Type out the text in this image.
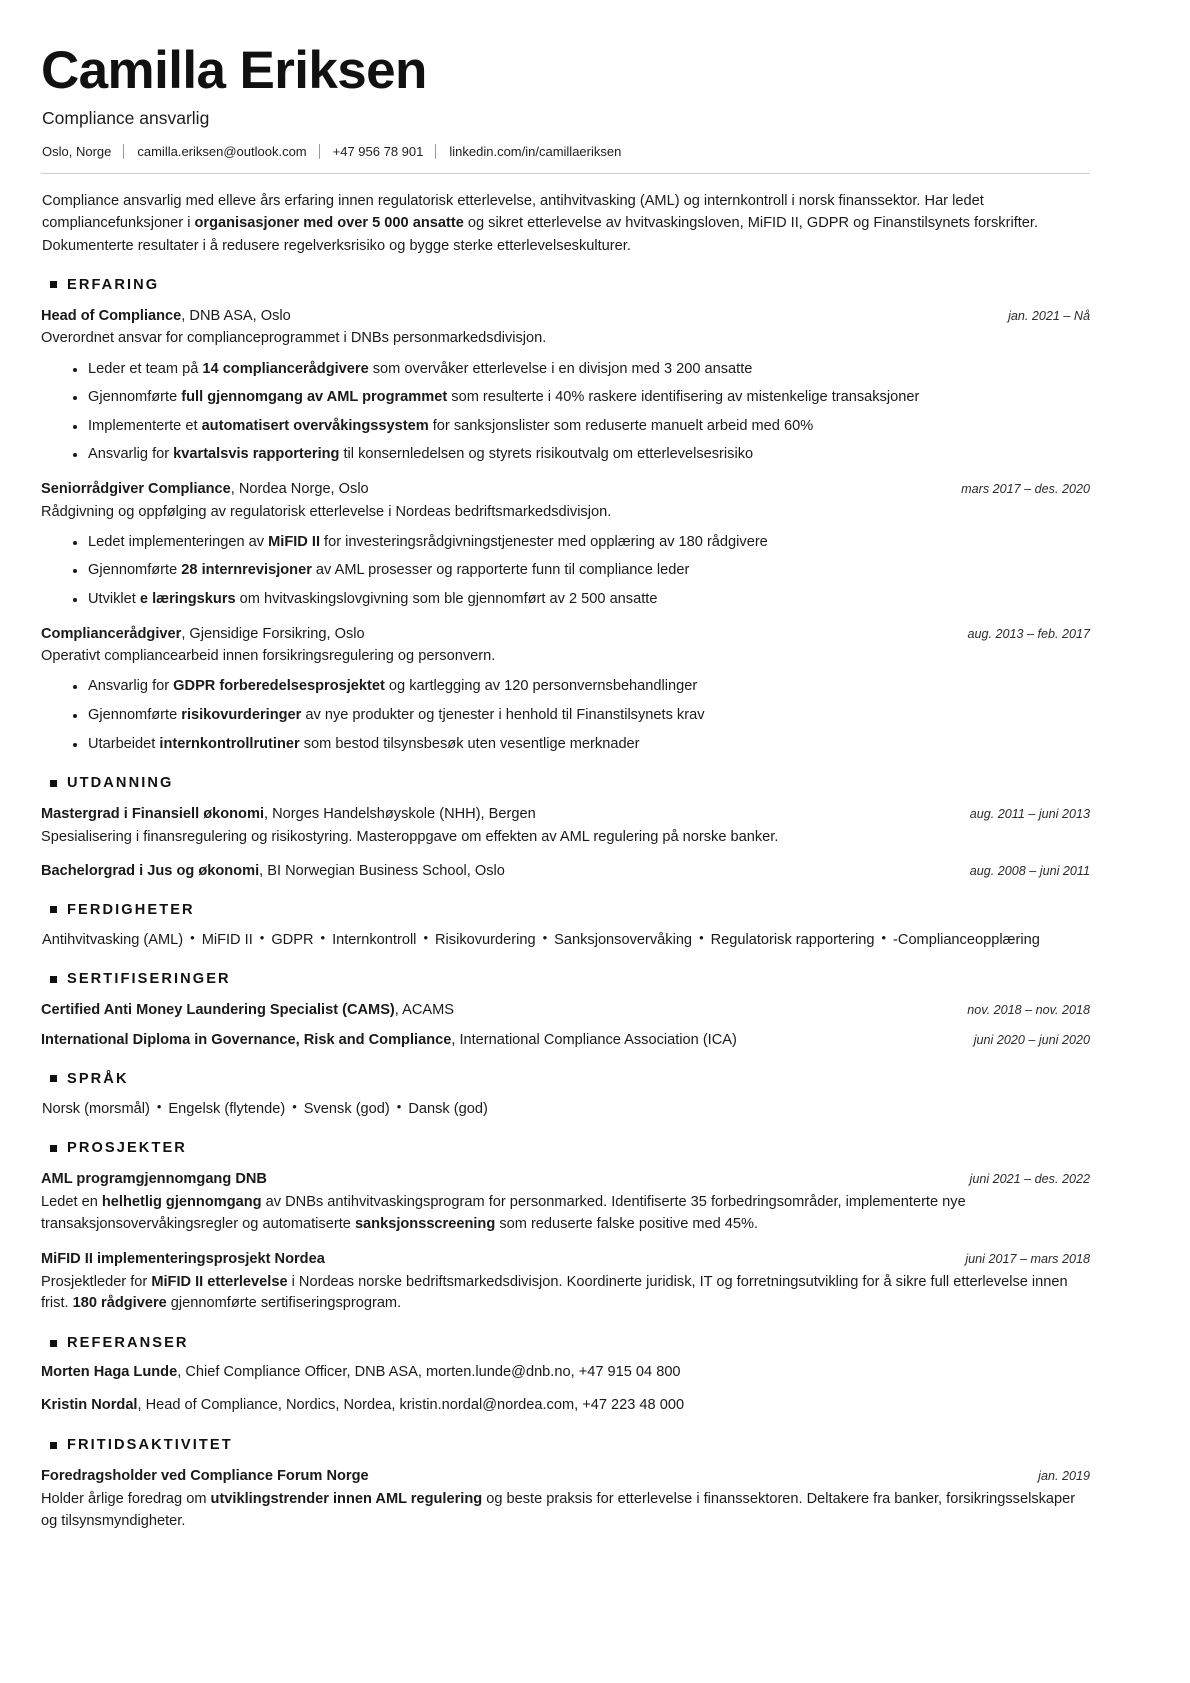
Camilla Eriksen
Compliance ansvarlig
Oslo, Norge camilla.eriksen@outlook.com +47 956 78 901 linkedin.com/in/camillaeriksen

Compliance ansvarlig med elleve års erfaring innen regulatorisk etterlevelse, antihvitvasking (AML) og internkontroll i norsk finanssektor. Har ledet compliancefunksjoner i organisasjoner med over 5 000 ansatte og sikret etterlevelse av hvitvaskingsloven, MiFID II, GDPR og Finanstilsynets forskrifter. Dokumenterte resultater i å redusere regelverksrisiko og bygge sterke etterlevelseskulturer.

ERFARING
Head of Compliance, DNB ASA, Oslo	jan. 2021 – Nå
Overordnet ansvar for complianceprogrammet i DNBs personmarkedsdivisjon.
Leder et team på 14 compliancerådgivere som overvåker etterlevelse i en divisjon med 3 200 ansatte
Gjennomførte full gjennomgang av AML programmet som resulterte i 40% raskere identifisering av mistenkelige transaksjoner
Implementerte et automatisert overvåkingssystem for sanksjonslister som reduserte manuelt arbeid med 60%
Ansvarlig for kvartalsvis rapportering til konsernledelsen og styrets risikoutvalg om etterlevelsesrisiko
Seniorrådgiver Compliance, Nordea Norge, Oslo	mars 2017 – des. 2020
Rådgivning og oppfølging av regulatorisk etterlevelse i Nordeas bedriftsmarkedsdivisjon.
Ledet implementeringen av MiFID II for investeringsrådgivningstjenester med opplæring av 180 rådgivere
Gjennomførte 28 internrevisjoner av AML prosesser og rapporterte funn til compliance leder
Utviklet e læringskurs om hvitvaskingslovgivning som ble gjennomført av 2 500 ansatte
Compliancerådgiver, Gjensidige Forsikring, Oslo	aug. 2013 – feb. 2017
Operativt compliancearbeid innen forsikringsregulering og personvern.
Ansvarlig for GDPR forberedelsesprosjektet og kartlegging av 120 personvernsbehandlinger
Gjennomførte risikovurderinger av nye produkter og tjenester i henhold til Finanstilsynets krav
Utarbeidet internkontrollrutiner som bestod tilsynsbesøk uten vesentlige merknader
UTDANNING
Mastergrad i Finansiell økonomi, Norges Handelshøyskole (NHH), Bergen	aug. 2011 – juni 2013
Spesialisering i finansregulering og risikostyring. Masteroppgave om effekten av AML regulering på norske banker.
Bachelorgrad i Jus og økonomi, BI Norwegian Business School, Oslo	aug. 2008 – juni 2011
FERDIGHETER
Antihvitvasking (AML) • MiFID II • GDPR • Internkontroll • Risikovurdering • Sanksjonsovervåking • Regulatorisk rapportering • -Complianceopplæring
SERTIFISERINGER
Certified Anti Money Laundering Specialist (CAMS), ACAMS	nov. 2018 – nov. 2018
International Diploma in Governance, Risk and Compliance, International Compliance Association (ICA)	juni 2020 – juni 2020
SPRÅK
Norsk (morsmål) • Engelsk (flytende) • Svensk (god) • Dansk (god)
PROSJEKTER
AML programgjennomgang DNB	juni 2021 – des. 2022
Ledet en helhetlig gjennomgang av DNBs antihvitvaskingsprogram for personmarked. Identifiserte 35 forbedringsområder, implementerte nye transaksjonsovervåkingsregler og automatiserte sanksjonsscreening som reduserte falske positive med 45%.
MiFID II implementeringsprosjekt Nordea	juni 2017 – mars 2018
Prosjektleder for MiFID II etterlevelse i Nordeas norske bedriftsmarkedsdivisjon. Koordinerte juridisk, IT og forretningsutvikling for å sikre full etterlevelse innen frist. 180 rådgivere gjennomførte sertifiseringsprogram.
REFERANSER
Morten Haga Lunde, Chief Compliance Officer, DNB ASA, morten.lunde@dnb.no, +47 915 04 800
Kristin Nordal, Head of Compliance, Nordics, Nordea, kristin.nordal@nordea.com, +47 223 48 000
FRITIDSAKTIVITET
Foredragsholder ved Compliance Forum Norge	jan. 2019
Holder årlige foredrag om utviklingstrender innen AML regulering og beste praksis for etterlevelse i finanssektoren. Deltakere fra banker, forsikringsselskaper og tilsynsmyndigheter.
